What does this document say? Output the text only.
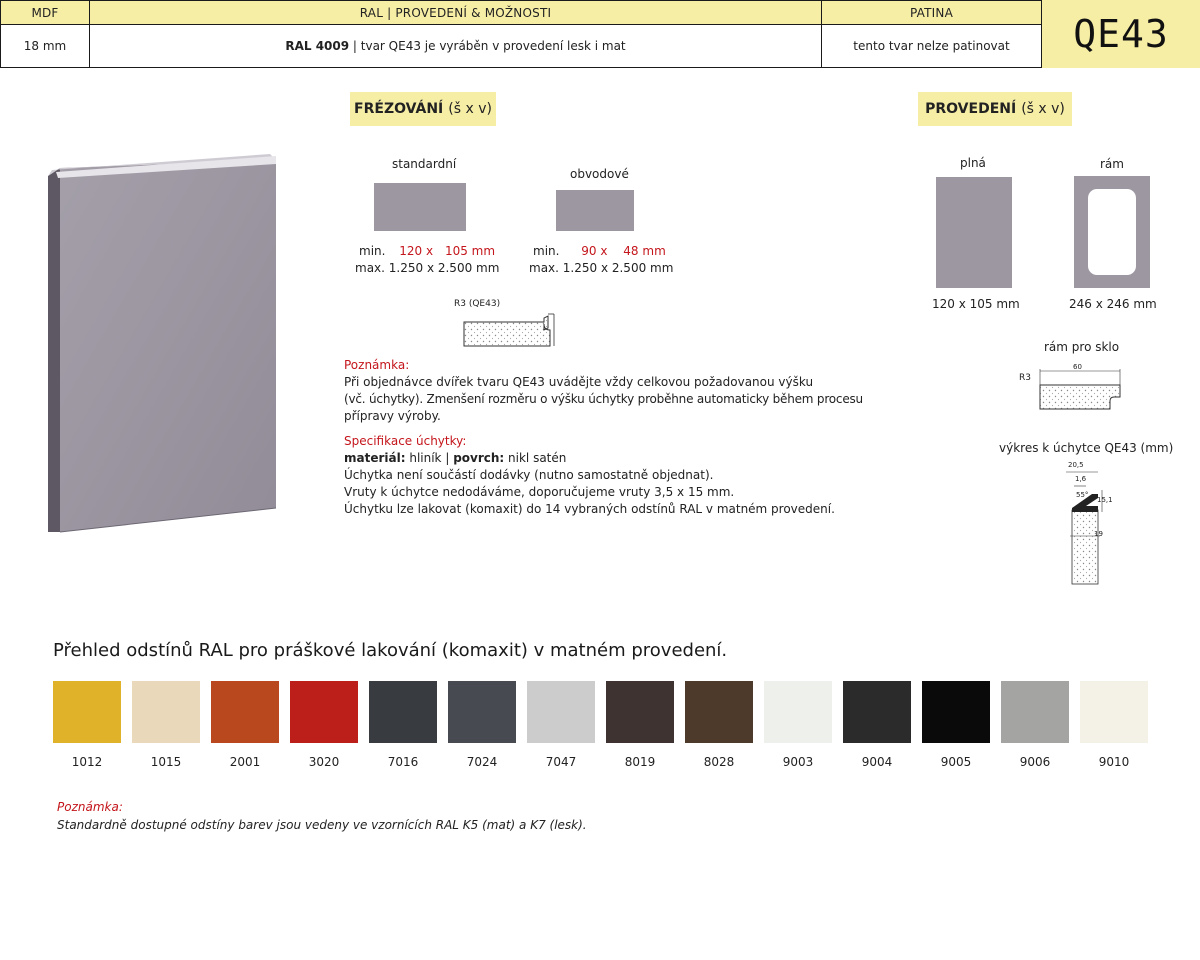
MDF	RAL | PROVEDENÍ & MOŽNOSTI	PATINA
18 mm	RAL 4009 | tvar QE43 je vyráběn v provedení lesk i mat	tento tvar nelze patinovat	QE43
FRÉZOVÁNÍ (š x v)
standardní
min. 120 x 105 mm
max. 1.250 x 2.500 mm
obvodové
min. 90 x 48 mm
max. 1.250 x 2.500 mm
R3 (QE43)
Poznámka:
Při objednávce dvířek tvaru QE43 uvádějte vždy celkovou požadovanou výšku
(vč. úchytky). Zmenšení rozměru o výšku úchytky proběhne automaticky během procesu
přípravy výroby.
Specifikace úchytky:
materiál: hliník | povrch: nikl satén
Úchytka není součástí dodávky (nutno samostatně objednat).
Vruty k úchytce nedodáváme, doporučujeme vruty 3,5 x 15 mm.
Úchytku lze lakovat (komaxit) do 14 vybraných odstínů RAL v matném provedení.
PROVEDENÍ (š x v)
plná
120 x 105 mm
rám
246 x 246 mm
rám pro sklo
R3
60
výkres k úchytce QE43 (mm)
20,5
1,6
55°
15,1
19
Přehled odstínů RAL pro práškové lakování (komaxit) v matném provedení.
1012	1015	2001	3020	7016	7024	7047	8019	8028	9003	9004	9005	9006	9010
Poznámka:
Standardně dostupné odstíny barev jsou vedeny ve vzornících RAL K5 (mat) a K7 (lesk).
